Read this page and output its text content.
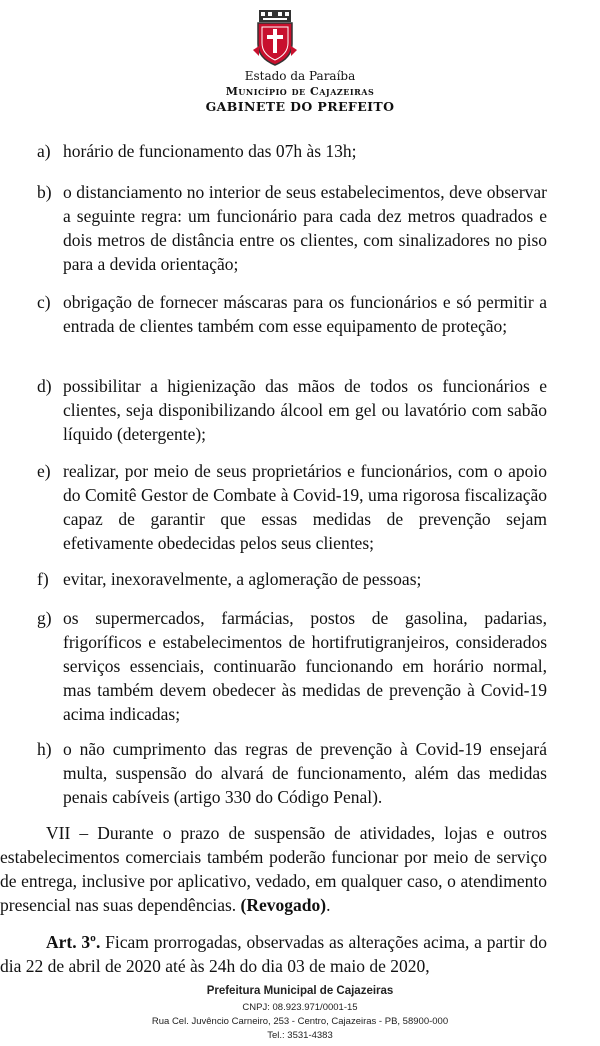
Estado da Paraíba
Município de Cajazeiras
GABINETE DO PREFEITO
a) horário de funcionamento das 07h às 13h;
b) o distanciamento no interior de seus estabelecimentos, deve observar a seguinte regra: um funcionário para cada dez metros quadrados e dois metros de distância entre os clientes, com sinalizadores no piso para a devida orientação;
c) obrigação de fornecer máscaras para os funcionários e só permitir a entrada de clientes também com esse equipamento de proteção;
d) possibilitar a higienização das mãos de todos os funcionários e clientes, seja disponibilizando álcool em gel ou lavatório com sabão líquido (detergente);
e) realizar, por meio de seus proprietários e funcionários, com o apoio do Comitê Gestor de Combate à Covid-19, uma rigorosa fiscalização capaz de garantir que essas medidas de prevenção sejam efetivamente obedecidas pelos seus clientes;
f) evitar, inexoravelmente, a aglomeração de pessoas;
g) os supermercados, farmácias, postos de gasolina, padarias, frigoríficos e estabelecimentos de hortifrutigranjeiros, considerados serviços essenciais, continuarão funcionando em horário normal, mas também devem obedecer às medidas de prevenção à Covid-19 acima indicadas;
h) o não cumprimento das regras de prevenção à Covid-19 ensejará multa, suspensão do alvará de funcionamento, além das medidas penais cabíveis (artigo 330 do Código Penal).
VII – Durante o prazo de suspensão de atividades, lojas e outros estabelecimentos comerciais também poderão funcionar por meio de serviço de entrega, inclusive por aplicativo, vedado, em qualquer caso, o atendimento presencial nas suas dependências. (Revogado).
Art. 3º. Ficam prorrogadas, observadas as alterações acima, a partir do dia 22 de abril de 2020 até às 24h do dia 03 de maio de 2020,
Prefeitura Municipal de Cajazeiras
CNPJ: 08.923.971/0001-15
Rua Cel. Juvêncio Carneiro, 253 - Centro, Cajazeiras - PB, 58900-000
Tel.: 3531-4383
